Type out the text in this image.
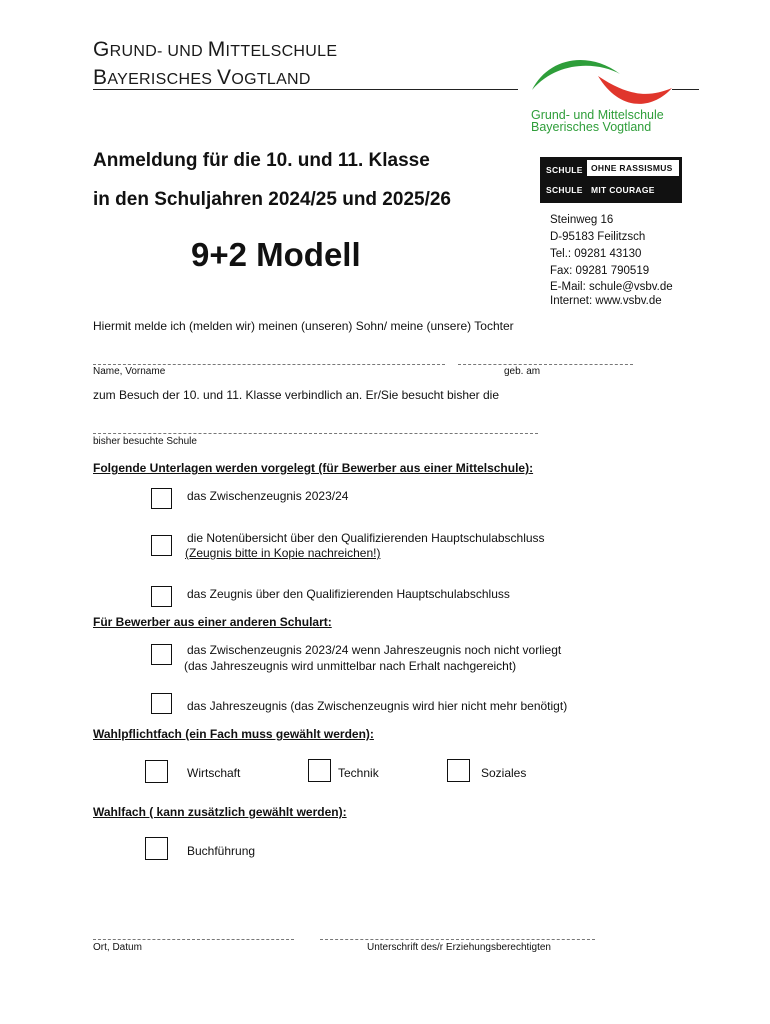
GRUND- UND MITTELSCHULE
BAYERISCHES VOGTLAND
Grund- und Mittelschule
Bayerisches Vogtland
SCHULE OHNE RASSISMUS
SCHULE MIT COURAGE
Anmeldung für die 10. und 11. Klasse
in den Schuljahren 2024/25 und 2025/26
9+2 Modell
Steinweg 16
D-95183 Feilitzsch
Tel.: 09281 43130
Fax: 09281 790519
E-Mail: schule@vsbv.de
Internet: www.vsbv.de
Hiermit melde ich (melden wir) meinen (unseren) Sohn/ meine (unsere) Tochter
Name, Vorname	geb. am
zum Besuch der 10. und 11. Klasse verbindlich an. Er/Sie besucht bisher die
bisher besuchte Schule
Folgende Unterlagen werden vorgelegt (für Bewerber aus einer Mittelschule):
das Zwischenzeugnis 2023/24
die Notenübersicht über den Qualifizierenden Hauptschulabschluss
(Zeugnis bitte in Kopie nachreichen!)
das Zeugnis über den Qualifizierenden Hauptschulabschluss
Für Bewerber aus einer anderen Schulart:
das Zwischenzeugnis 2023/24 wenn Jahreszeugnis noch nicht vorliegt
(das Jahreszeugnis wird unmittelbar nach Erhalt nachgereicht)
das Jahreszeugnis (das Zwischenzeugnis wird hier nicht mehr benötigt)
Wahlpflichtfach (ein Fach muss gewählt werden):
Wirtschaft	Technik	Soziales
Wahlfach ( kann zusätzlich gewählt werden):
Buchführung
Ort, Datum	Unterschrift des/r Erziehungsberechtigten
